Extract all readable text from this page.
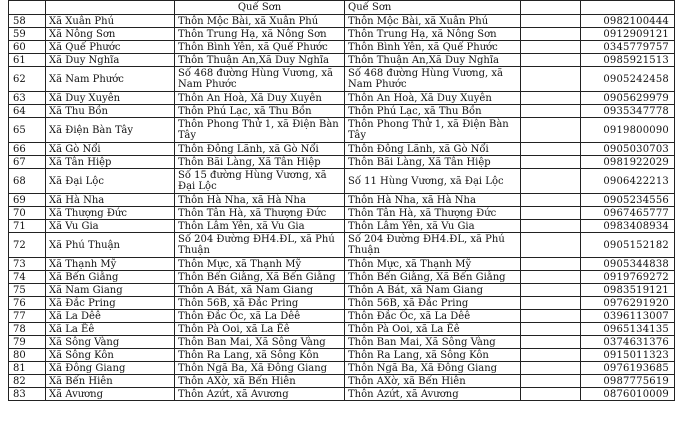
		Quế Sơn	Quế Sơn		
58	Xã Xuân Phú	Thôn Mộc Bài, xã Xuân Phú	Thôn Mộc Bài, xã Xuân Phú		0982100444
59	Xã Nông Sơn	Thôn Trung Hạ, xã Nông Sơn	Thôn Trung Hạ, xã Nông Sơn		0912909121
60	Xã Quế Phước	Thôn Bình Yên, xã Quế Phước	Thôn Bình Yên, xã Quế Phước		0345779757
61	Xã Duy Nghĩa	Thôn Thuận An,Xã Duy Nghĩa	Thôn Thuận An,Xã Duy Nghĩa		0985921513
62	Xã Nam Phước	Số 468 đường Hùng Vương, xã Nam Phước	Số 468 đường Hùng Vương, xã Nam Phước		0905242458
63	Xã Duy Xuyên	Thôn An Hoà, Xã Duy Xuyên	Thôn An Hoà, Xã Duy Xuyên		0905629979
64	Xã Thu Bồn	Thôn Phú Lạc, xã Thu Bồn	Thôn Phú Lạc, xã Thu Bồn		0935347778
65	Xã Điện Bàn Tây	Thôn Phong Thử 1, xã Điện Bàn Tây	Thôn Phong Thử 1, xã Điện Bàn Tây		0919800090
66	Xã Gò Nổi	Thôn Đông Lãnh, xã Gò Nổi	Thôn Đông Lãnh, xã Gò Nổi		0905030703
67	Xã Tân Hiệp	Thôn Bãi Làng, Xã Tân Hiệp	Thôn Bãi Làng, Xã Tân Hiệp		0981922029
68	Xã Đại Lộc	Số 15 đường Hùng Vương, xã Đại Lộc	Số 11 Hùng Vương, xã Đại Lộc		0906422213
69	Xã Hà Nha	Thôn Hà Nha, xã Hà Nha	Thôn Hà Nha, xã Hà Nha		0905234556
70	Xã Thượng Đức	Thôn Tân Hà, xã Thượng Đức	Thôn Tân Hà, xã Thượng Đức		0967465777
71	Xã Vu Gia	Thôn Lâm Yên, xã Vu Gia	Thôn Lâm Yên, xã Vu Gia		0983408934
72	Xã Phú Thuận	Số 204 Đường ĐH4.ĐL, xã Phú Thuận	Số 204 Đường ĐH4.ĐL, xã Phú Thuận		0905152182
73	Xã Thạnh Mỹ	Thôn Mực, xã Thạnh Mỹ	Thôn Mực, xã Thạnh Mỹ		0905344838
74	Xã Bến Giằng	Thôn Bến Giằng, Xã Bến Giằng	Thôn Bến Giằng, Xã Bến Giằng		0919769272
75	Xã Nam Giang	Thôn A Bát, xã Nam Giang	Thôn A Bát, xã Nam Giang		0983519121
76	Xã Đắc Pring	Thôn 56B, xã Đắc Pring	Thôn 56B, xã Đắc Pring		0976291920
77	Xã La Dêê	Thôn Đắc Ốc, xã La Dêê	Thôn Đắc Ốc, xã La Dêê		0396113007
78	Xã La Êê	Thôn Pà Ooi, xã La Êê	Thôn Pà Ooi, xã La Êê		0965134135
79	Xã Sông Vàng	Thôn Ban Mai, Xã Sông Vàng	Thôn Ban Mai, Xã Sông Vàng		0374631376
80	Xã Sông Kôn	Thôn Ra Lang, xã Sông Kôn	Thôn Ra Lang, xã Sông Kôn		0915011323
81	Xã Đông Giang	Thôn Ngã Ba, Xã Đông Giang	Thôn Ngã Ba, Xã Đông Giang		0976193685
82	Xã Bến Hiên	Thôn AXờ, xã Bến Hiên	Thôn AXờ, xã Bến Hiên		0987775619
83	Xã Avương	Thôn Azứt, xã Avương	Thôn Azứt, xã Avương		0876010009
